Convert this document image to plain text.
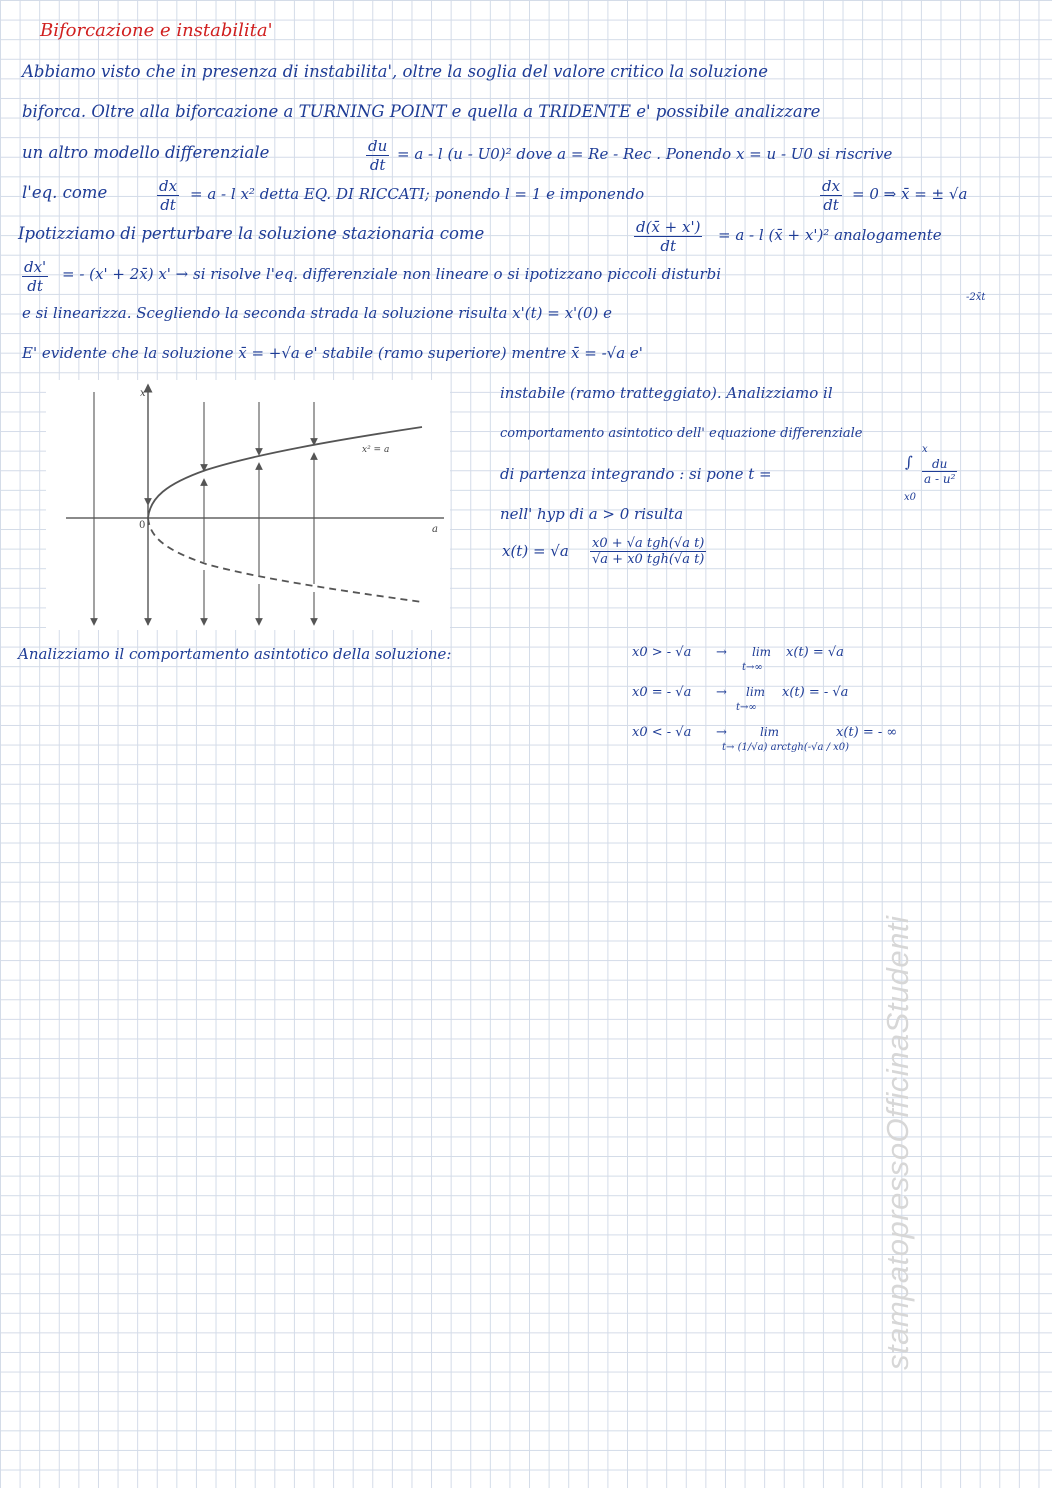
Biforcazione e instabilita'
Abbiamo visto che in presenza di instabilita', oltre la soglia del valore critico la soluzione
biforca. Oltre alla biforcazione a TURNING POINT e quella a TRIDENTE e' possibile analizzare
un altro modello differenziale	$\frac{du}{dt} = a - l$ (u - U0)² dove a = Re - Rec . Ponendo x = u - U0 si riscrive
l'eq. come	$\frac{dx}{dt} = a - l$ x² detta EQ. DI RICCATI; ponendo l = 1 e imponendo	$\frac{dx}{dt} = 0$ ⇒ x̄ = ± √a
Ipotizziamo di perturbare la soluzione stazionaria come	$\frac{d(x̄ + x')}{dt} = a - l$ (x̄ + x')² analogamente
$\frac{dx'}{dt}$ = - (x' + 2x̄) x' → si risolve l'eq. differenziale non lineare o si ipotizzano piccoli disturbi
e si linearizza. Scegliendo la seconda strada la soluzione risulta x'(t) = x'(0) e
-2x̄t
E' evidente che la soluzione x̄ = +√a e' stabile (ramo superiore) mentre x̄ = -√a e'
instabile (ramo tratteggiato). Analizziamo il
comportamento asintotico dell' equazione differenziale
di partenza integrando : si pone t =
∫
x
x0
$\frac{du}{\text{a - u²}}$
nell' hyp di a > 0 risulta
x(t) = √a x0 + √a tgh(√a t)
√a + x0 tgh(√a t)
x
a
0
x² = a
Analizziamo il comportamento asintotico della soluzione:	x0 > - √a → lim
t→∞
x(t) = √a
x0 = - √a → lim
t→∞
x(t) = - √a
x0 < - √a →	lim
t→ (1/√a) arctgh(-√a / x0)
x(t) = - ∞
stampatopressoOfficinaStudenti
